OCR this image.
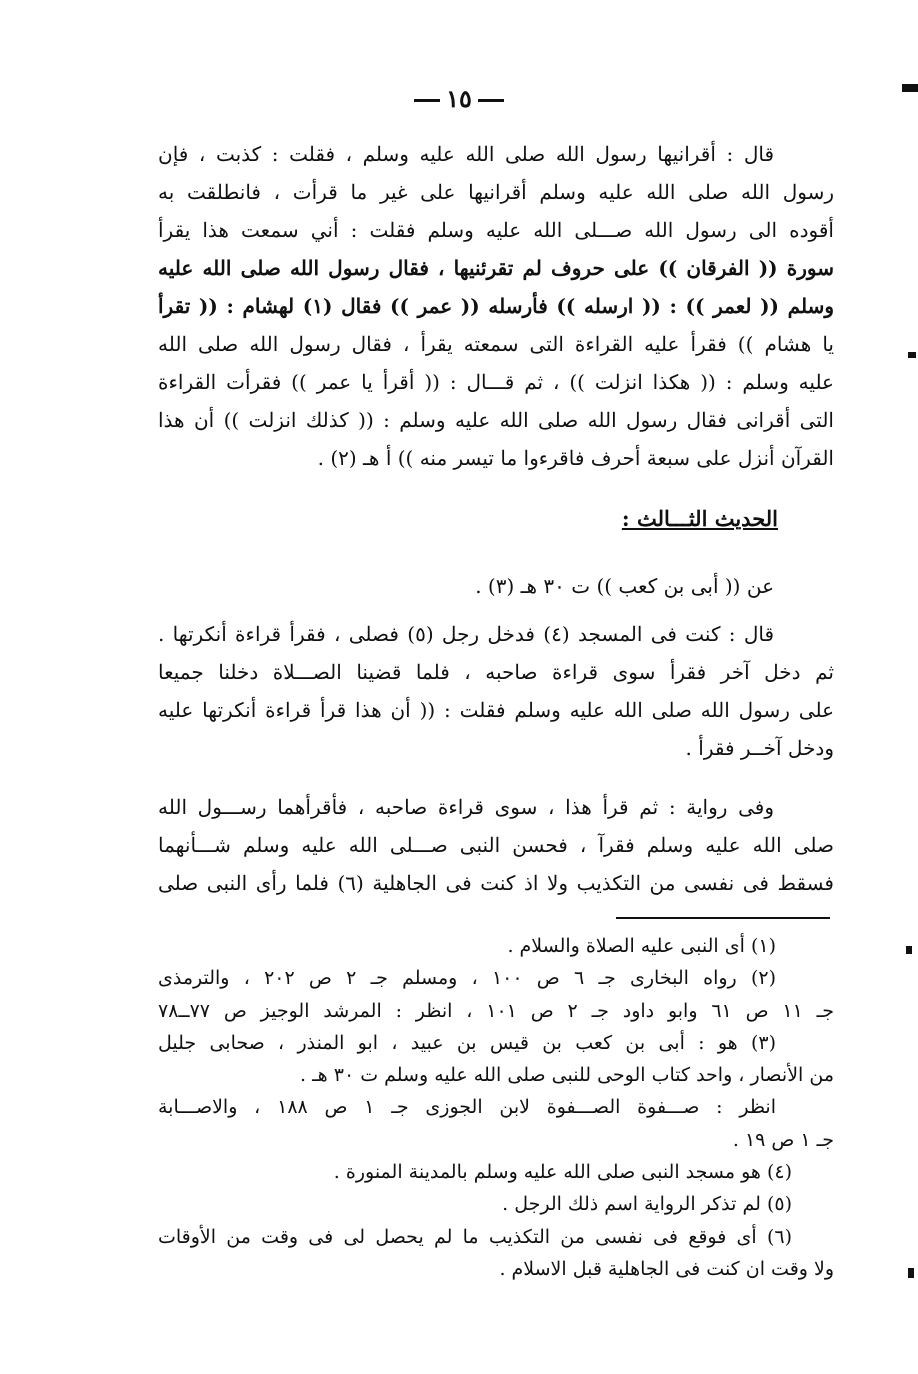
١٥
قال : أقرانيها رسول الله صلى الله عليه وسلم ، فقلت : كذبت ، فإن
رسول الله صلى الله عليه وسلم أقرانيها على غير ما قرأت ، فانطلقت به
أقوده الى رسول الله صـــلى الله عليه وسلم فقلت : أني سمعت هذا يقرأ
سورة (( الفرقان )) على حروف لم تقرئنيها ، فقال رسول الله صلى الله عليه
وسلم (( لعمر )) : (( ارسله )) فأرسله (( عمر )) فقال (١) لهشام : (( تقرأ
يا هشام )) فقرأ عليه القراءة التى سمعته يقرأ ، فقال رسول الله صلى الله
عليه وسلم : (( هكذا انزلت )) ، ثم قـــال : (( أقرأ يا عمر )) فقرأت القراءة
التى أقرانى فقال رسول الله صلى الله عليه وسلم : (( كذلك انزلت )) أن هذا
القرآن أنزل على سبعة أحرف فاقرءوا ما تيسر منه )) أ هـ (٢) .
الحديث الثـــالث :
عن (( أبى بن كعب )) ت ٣٠ هـ (٣) .
قال : كنت فى المسجد (٤) فدخل رجل (٥) فصلى ، فقرأ قراءة أنكرتها .
ثم دخل آخر فقرأ سوى قراءة صاحبه ، فلما قضينا الصـــلاة دخلنا جميعا
على رسول الله صلى الله عليه وسلم فقلت : (( أن هذا قرأ قراءة أنكرتها عليه
ودخل آخــر فقرأ .
وفى رواية : ثم قرأ هذا ، سوى قراءة صاحبه ، فأقرأهما رســـول الله
صلى الله عليه وسلم فقرآ ، فحسن النبى صـــلى الله عليه وسلم شـــأنهما
فسقط فى نفسى من التكذيب ولا اذ كنت فى الجاهلية (٦) فلما رأى النبى صلى
(١) أى النبى عليه الصلاة والسلام .
(٢) رواه البخارى جـ ٦ ص ١٠٠ ، ومسلم جـ ٢ ص ٢٠٢ ، والترمذى
جـ ١١ ص ٦١ وابو داود جـ ٢ ص ١٠١ ، انظر : المرشد الوجيز ص ٧٧ــ٧٨
(٣) هو : أبى بن كعب بن قيس بن عبيد ، ابو المنذر ، صحابى جليل
من الأنصار ، واحد كتاب الوحى للنبى صلى الله عليه وسلم ت ٣٠ هـ .
انظر : صـــفوة الصـــفوة لابن الجوزى جـ ١ ص ١٨٨ ، والاصـــابة
جـ ١ ص ١٩ .
(٤) هو مسجد النبى صلى الله عليه وسلم بالمدينة المنورة .
(٥) لم تذكر الرواية اسم ذلك الرجل .
(٦) أى فوقع فى نفسى من التكذيب ما لم يحصل لى فى وقت من الأوقات
ولا وقت ان كنت فى الجاهلية قبل الاسلام .
